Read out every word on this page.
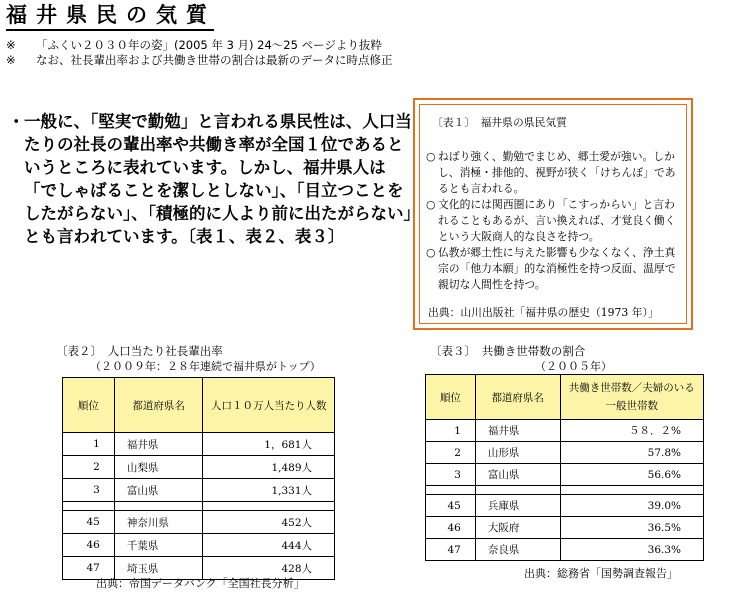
福井県民の気質
※ 「ふくい２０３０年の姿」(2005 年 3 月) 24～25 ページより抜粋
※ なお、社長輩出率および共働き世帯の割合は最新のデータに時点修正
・ 一般に、「堅実で勤勉」と言われる県民性は、人口当たりの社長の輩出率や共働き率が全国１位であるというところに表れています。しかし、福井県人は「でしゃばることを潔しとしない」、「目立つことをしたがらない」、「積極的に人より前に出たがらない」とも言われています。〔表１、表２、表３〕
〔表１〕　福井県の県民気質
○ ねばり強く、勤勉でまじめ、郷土愛が強い。しかし、消極・排他的、視野が狭く「けちんぼ」であるとも言われる。
○ 文化的には関西圏にあり「こすっからい」と言われることもあるが、言い換えれば、才覚良く働くという大阪商人的な良さを持つ。
○ 仏教が郷土性に与えた影響も少なくなく、浄土真宗の「他力本願」的な消極性を持つ反面、温厚で親切な人間性を持つ。
出典：山川出版社「福井県の歴史（1973 年）」
〔表２〕　人口当たり社長輩出率
（２００９年：２８年連続で福井県がトップ）
順位	都道府県名	人口１０万人当たり人数
1	福井県	1，681人
2	山梨県	1,489人
3	富山県	1,331人

45	神奈川県	452人
46	千葉県	444人
47	埼玉県	428人
出典：帝国データバンク「全国社長分析」
〔表３〕　共働き世帯数の割合
（２００５年）
順位	都道府県名	共働き世帯数／夫婦のいる一般世帯数
1	福井県	５８．２%
2	山形県	57.8%
3	富山県	56.6%

45	兵庫県	39.0%
46	大阪府	36.5%
47	奈良県	36.3%
出典：総務省「国勢調査報告」
